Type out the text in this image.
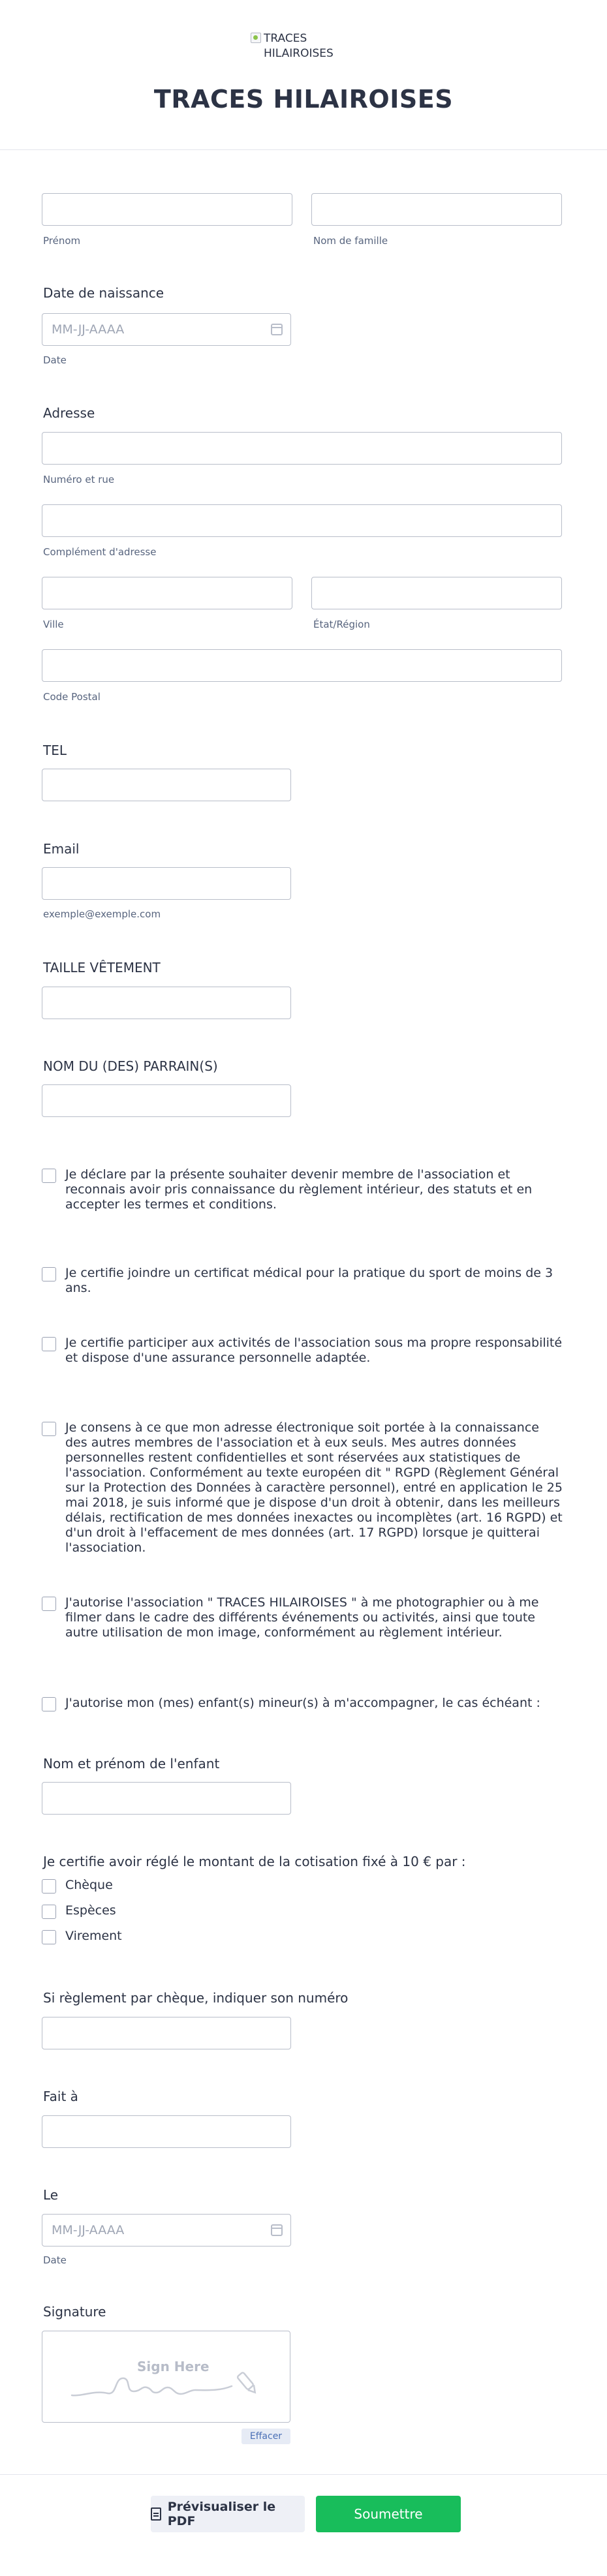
TRACES HILAIROISES
TRACES HILAIROISES
Prénom	Nom de famille
Date de naissance
MM-JJ-AAAA
Date
Adresse
Numéro et rue
Complément d'adresse
Ville	État/Région
Code Postal
TEL
Email
exemple@exemple.com
TAILLE VÊTEMENT
NOM DU (DES) PARRAIN(S)
Je déclare par la présente souhaiter devenir membre de l'association et reconnais avoir pris connaissance du règlement intérieur, des statuts et en accepter les termes et conditions.
Je certifie joindre un certificat médical pour la pratique du sport de moins de 3 ans.
Je certifie participer aux activités de l'association sous ma propre responsabilité et dispose d'une assurance personnelle adaptée.
Je consens à ce que mon adresse électronique soit portée à la connaissance des autres membres de l'association et à eux seuls. Mes autres données personnelles restent confidentielles et sont réservées aux statistiques de l'association. Conformément au texte européen dit " RGPD (Règlement Général sur la Protection des Données à caractère personnel), entré en application le 25 mai 2018, je suis informé que je dispose d'un droit à obtenir, dans les meilleurs délais, rectification de mes données inexactes ou incomplètes (art. 16 RGPD) et d'un droit à l'effacement de mes données (art. 17 RGPD) lorsque je quitterai l'association.
J'autorise l'association " TRACES HILAIROISES " à me photographier ou à me filmer dans le cadre des différents événements ou activités, ainsi que toute autre utilisation de mon image, conformément au règlement intérieur.
J'autorise mon (mes) enfant(s) mineur(s) à m'accompagner, le cas échéant :
Nom et prénom de l'enfant
Je certifie avoir réglé le montant de la cotisation fixé à 10 € par :
Chèque
Espèces
Virement
Si règlement par chèque, indiquer son numéro
Fait à
Le
MM-JJ-AAAA
Date
Signature
Sign Here
Effacer
Prévisualiser le PDF	Soumettre
